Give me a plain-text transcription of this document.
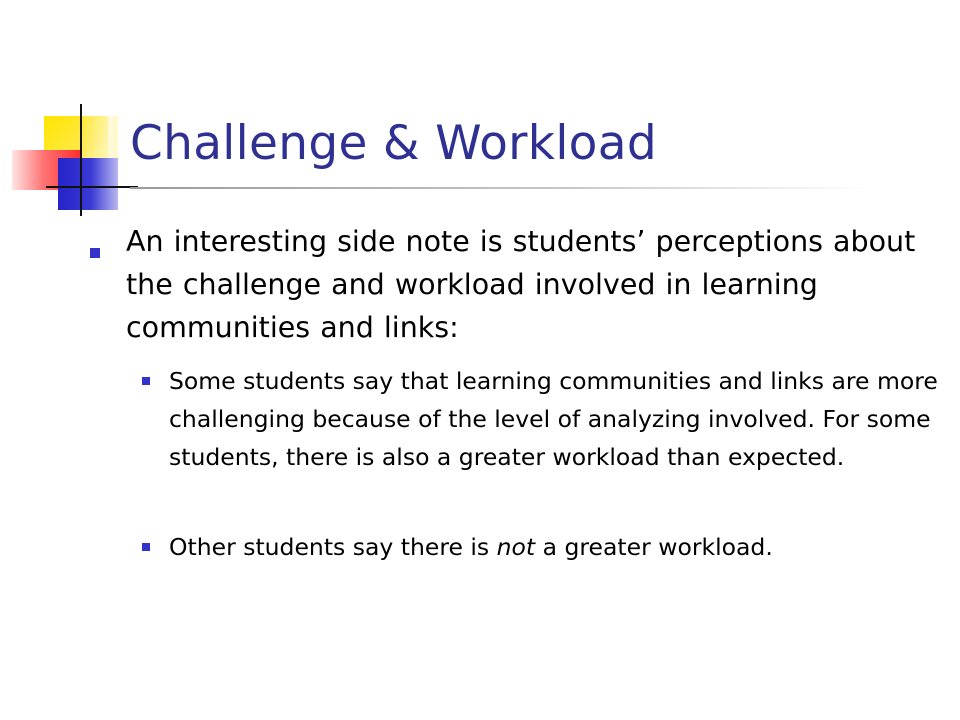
Challenge & Workload
An interesting side note is students’ perceptions about the challenge and workload involved in learning communities and links:
Some students say that learning communities and links are more challenging because of the level of analyzing involved. For some students, there is also a greater workload than expected.
Other students say there is not a greater workload.
